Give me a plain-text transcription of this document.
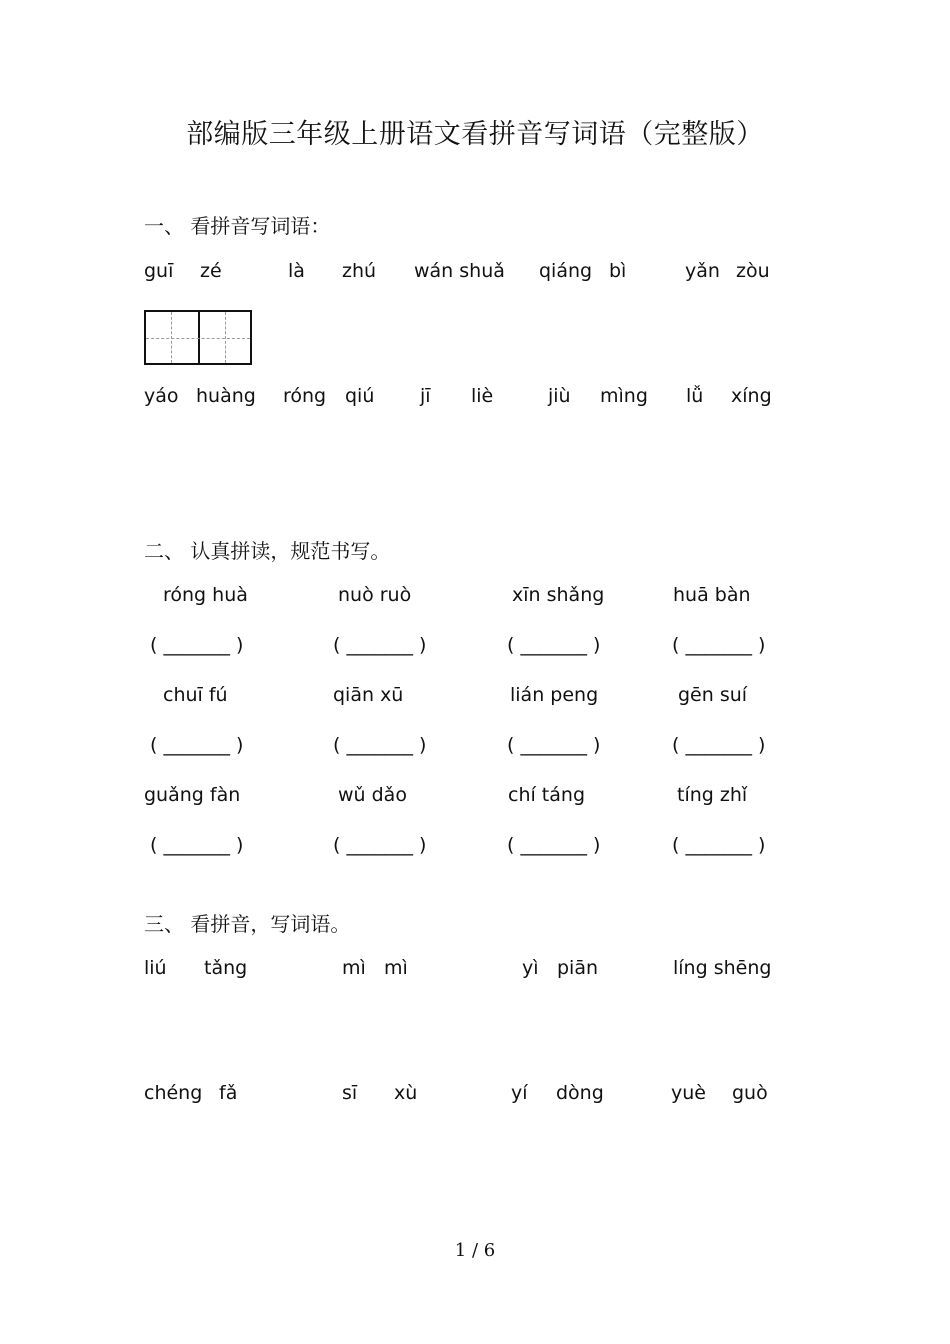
部编版三年级上册语文看拼音写词语（完整版）
一、 看拼音写词语：
guī zé	là zhú wán shuǎ qiáng bì	yǎn zòu
yáo huàng róng qiú jī liè	jiù mìng lǚ xíng
二、 认真拼读，规范书写。
róng huà	nuò ruò	xīn shǎng	huā bàn
( _______ )	( _______ )	( _______ )	( _______ )
chuī fú	qiān xū	lián peng	gēn suí
( _______ )	( _______ )	( _______ )	( _______ )
guǎng fàn	wǔ dǎo	chí táng	tíng zhǐ
( _______ )	( _______ )	( _______ )	( _______ )
三、 看拼音，写词语。
liú tǎng	mì mì	yì piān	líng shēng
chéng fǎ	sī xù	yí dòng	yuè guò
1 / 6
